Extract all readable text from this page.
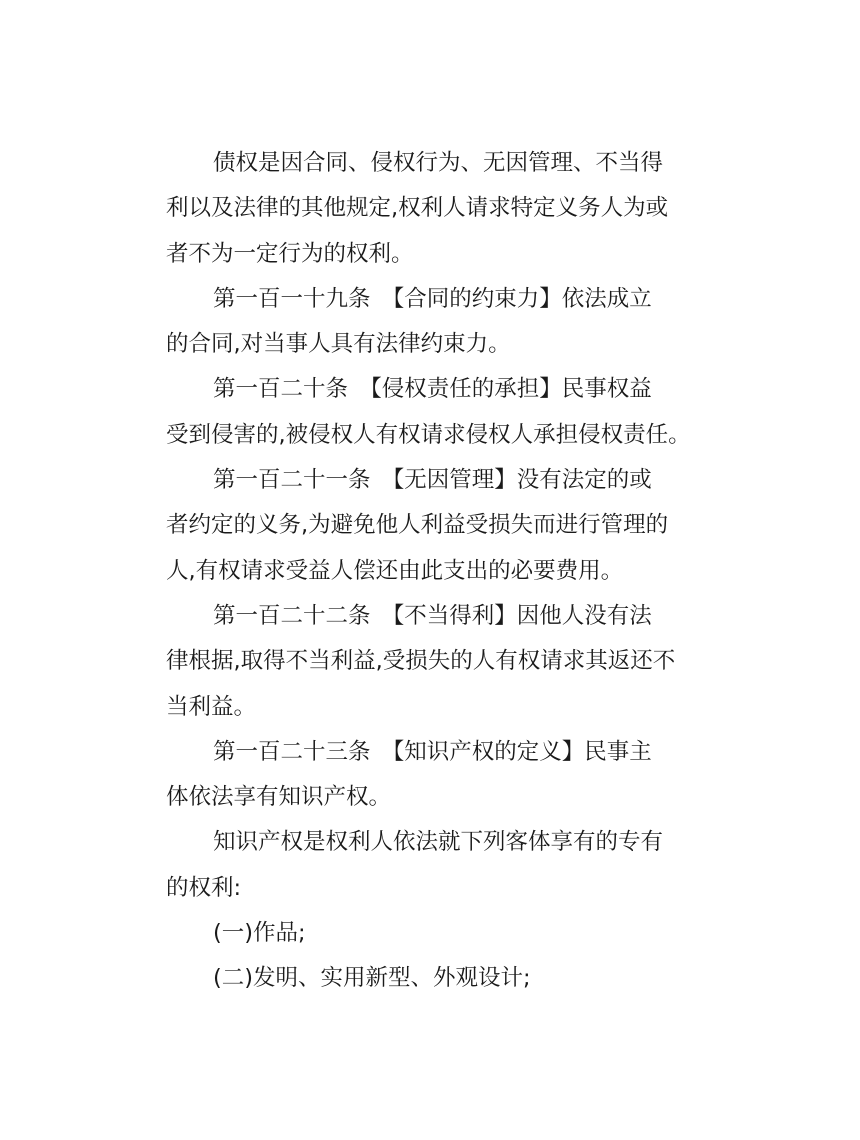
债权是因合同、侵权行为、无因管理、不当得
利以及法律的其他规定,权利人请求特定义务人为或
者不为一定行为的权利。
第一百一十九条　【合同的约束力】依法成立
的合同,对当事人具有法律约束力。
第一百二十条　【侵权责任的承担】民事权益
受到侵害的,被侵权人有权请求侵权人承担侵权责任。
第一百二十一条　【无因管理】没有法定的或
者约定的义务,为避免他人利益受损失而进行管理的
人,有权请求受益人偿还由此支出的必要费用。
第一百二十二条　【不当得利】因他人没有法
律根据,取得不当利益,受损失的人有权请求其返还不
当利益。
第一百二十三条　【知识产权的定义】民事主
体依法享有知识产权。
知识产权是权利人依法就下列客体享有的专有
的权利:
(一)作品;
(二)发明、实用新型、外观设计;
